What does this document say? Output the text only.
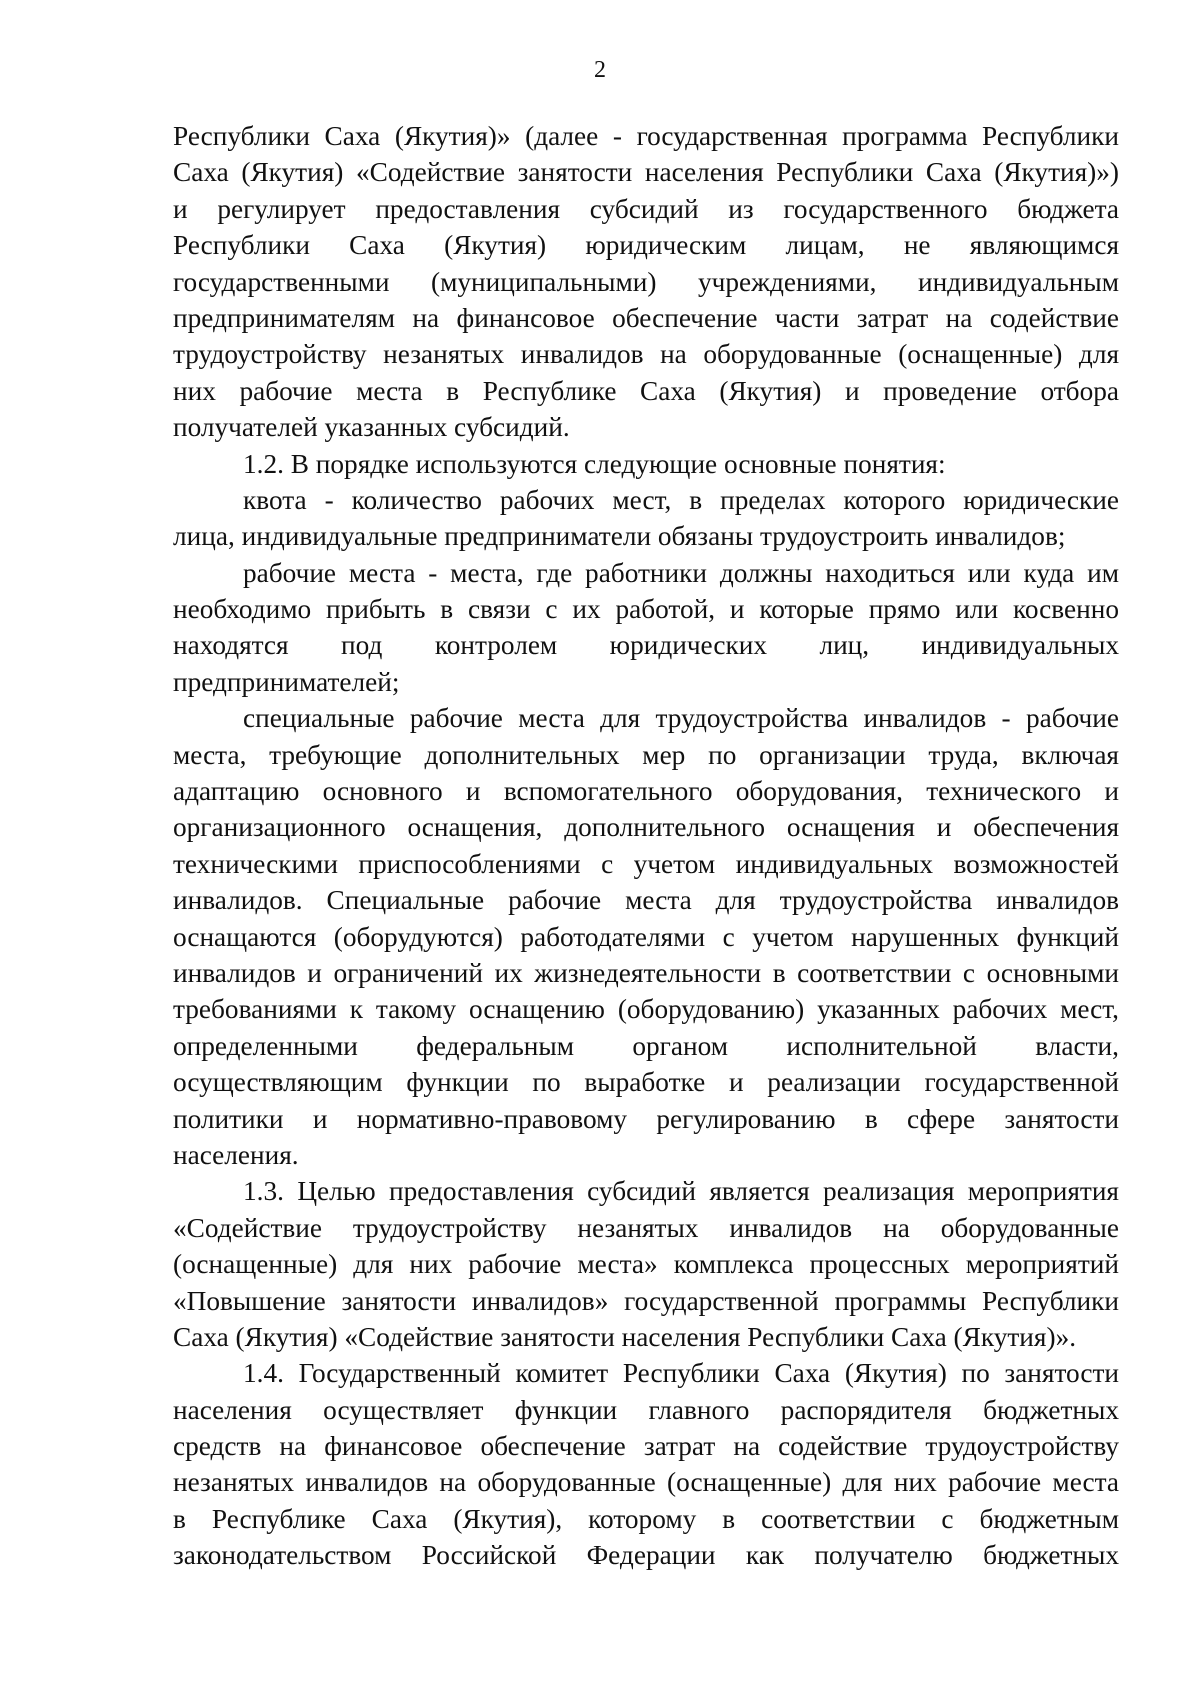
2
Республики Саха (Якутия)» (далее - государственная программа Республики
Саха (Якутия) «Содействие занятости населения Республики Саха (Якутия)»)
и регулирует предоставления субсидий из государственного бюджета
Республики Саха (Якутия) юридическим лицам, не являющимся
государственными (муниципальными) учреждениями, индивидуальным
предпринимателям на финансовое обеспечение части затрат на содействие
трудоустройству незанятых инвалидов на оборудованные (оснащенные) для
них рабочие места в Республике Саха (Якутия) и проведение отбора
получателей указанных субсидий.
1.2. В порядке используются следующие основные понятия:
квота - количество рабочих мест, в пределах которого юридические
лица, индивидуальные предприниматели обязаны трудоустроить инвалидов;
рабочие места - места, где работники должны находиться или куда им
необходимо прибыть в связи с их работой, и которые прямо или косвенно
находятся под контролем юридических лиц, индивидуальных
предпринимателей;
специальные рабочие места для трудоустройства инвалидов - рабочие
места, требующие дополнительных мер по организации труда, включая
адаптацию основного и вспомогательного оборудования, технического и
организационного оснащения, дополнительного оснащения и обеспечения
техническими приспособлениями с учетом индивидуальных возможностей
инвалидов. Специальные рабочие места для трудоустройства инвалидов
оснащаются (оборудуются) работодателями с учетом нарушенных функций
инвалидов и ограничений их жизнедеятельности в соответствии с основными
требованиями к такому оснащению (оборудованию) указанных рабочих мест,
определенными федеральным органом исполнительной власти,
осуществляющим функции по выработке и реализации государственной
политики и нормативно-правовому регулированию в сфере занятости
населения.
1.3. Целью предоставления субсидий является реализация мероприятия
«Содействие трудоустройству незанятых инвалидов на оборудованные
(оснащенные) для них рабочие места» комплекса процессных мероприятий
«Повышение занятости инвалидов» государственной программы Республики
Саха (Якутия) «Содействие занятости населения Республики Саха (Якутия)».
1.4. Государственный комитет Республики Саха (Якутия) по занятости
населения осуществляет функции главного распорядителя бюджетных
средств на финансовое обеспечение затрат на содействие трудоустройству
незанятых инвалидов на оборудованные (оснащенные) для них рабочие места
в Республике Саха (Якутия), которому в соответствии с бюджетным
законодательством Российской Федерации как получателю бюджетных
